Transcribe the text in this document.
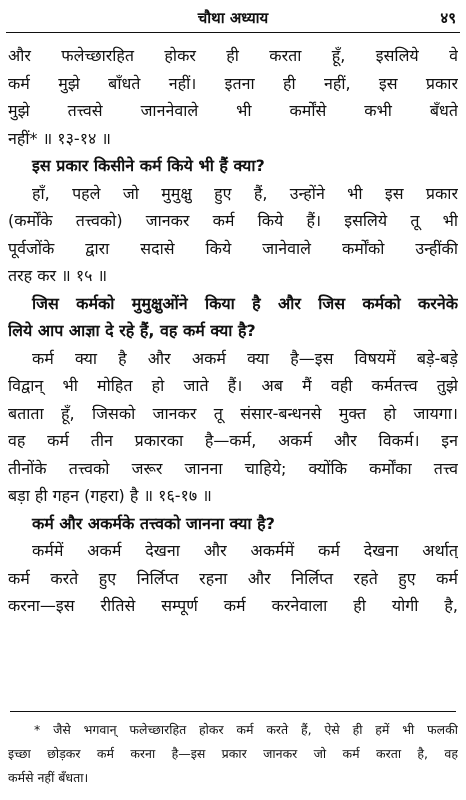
चौथा अध्याय	४९
और फलेच्छारहित होकर ही करता हूँ, इसलिये वे
कर्म मुझे बाँधते नहीं। इतना ही नहीं, इस प्रकार
मुझे तत्त्वसे जाननेवाले भी कर्मोंसे कभी बँधते
नहीं* ॥ १३-१४ ॥
इस प्रकार किसीने कर्म किये भी हैं क्या?
हाँ, पहले जो मुमुक्षु हुए हैं, उन्होंने भी इस प्रकार
(कर्मोंके तत्त्वको) जानकर कर्म किये हैं। इसलिये तू भी
पूर्वजोंके द्वारा सदासे किये जानेवाले कर्मोंको उन्हींकी
तरह कर ॥ १५ ॥
जिस कर्मको मुमुक्षुओंने किया है और जिस कर्मको करनेके
लिये आप आज्ञा दे रहे हैं, वह कर्म क्या है?
कर्म क्या है और अकर्म क्या है—इस विषयमें बड़े-बड़े
विद्वान् भी मोहित हो जाते हैं। अब मैं वही कर्मतत्त्व तुझे
बताता हूँ, जिसको जानकर तू संसार-बन्धनसे मुक्त हो जायगा।
वह कर्म तीन प्रकारका है—कर्म, अकर्म और विकर्म। इन
तीनोंके तत्त्वको जरूर जानना चाहिये; क्योंकि कर्मोंका तत्त्व
बड़ा ही गहन (गहरा) है ॥ १६-१७ ॥
कर्म और अकर्मके तत्त्वको जानना क्या है?
कर्ममें अकर्म देखना और अकर्ममें कर्म देखना अर्थात्
कर्म करते हुए निर्लिप्त रहना और निर्लिप्त रहते हुए कर्म
करना—इस रीतिसे सम्पूर्ण कर्म करनेवाला ही योगी है,
* जैसे भगवान् फलेच्छारहित होकर कर्म करते हैं, ऐसे ही हमें भी फलकी
इच्छा छोड़कर कर्म करना है—इस प्रकार जानकर जो कर्म करता है, वह
कर्मसे नहीं बँधता।
